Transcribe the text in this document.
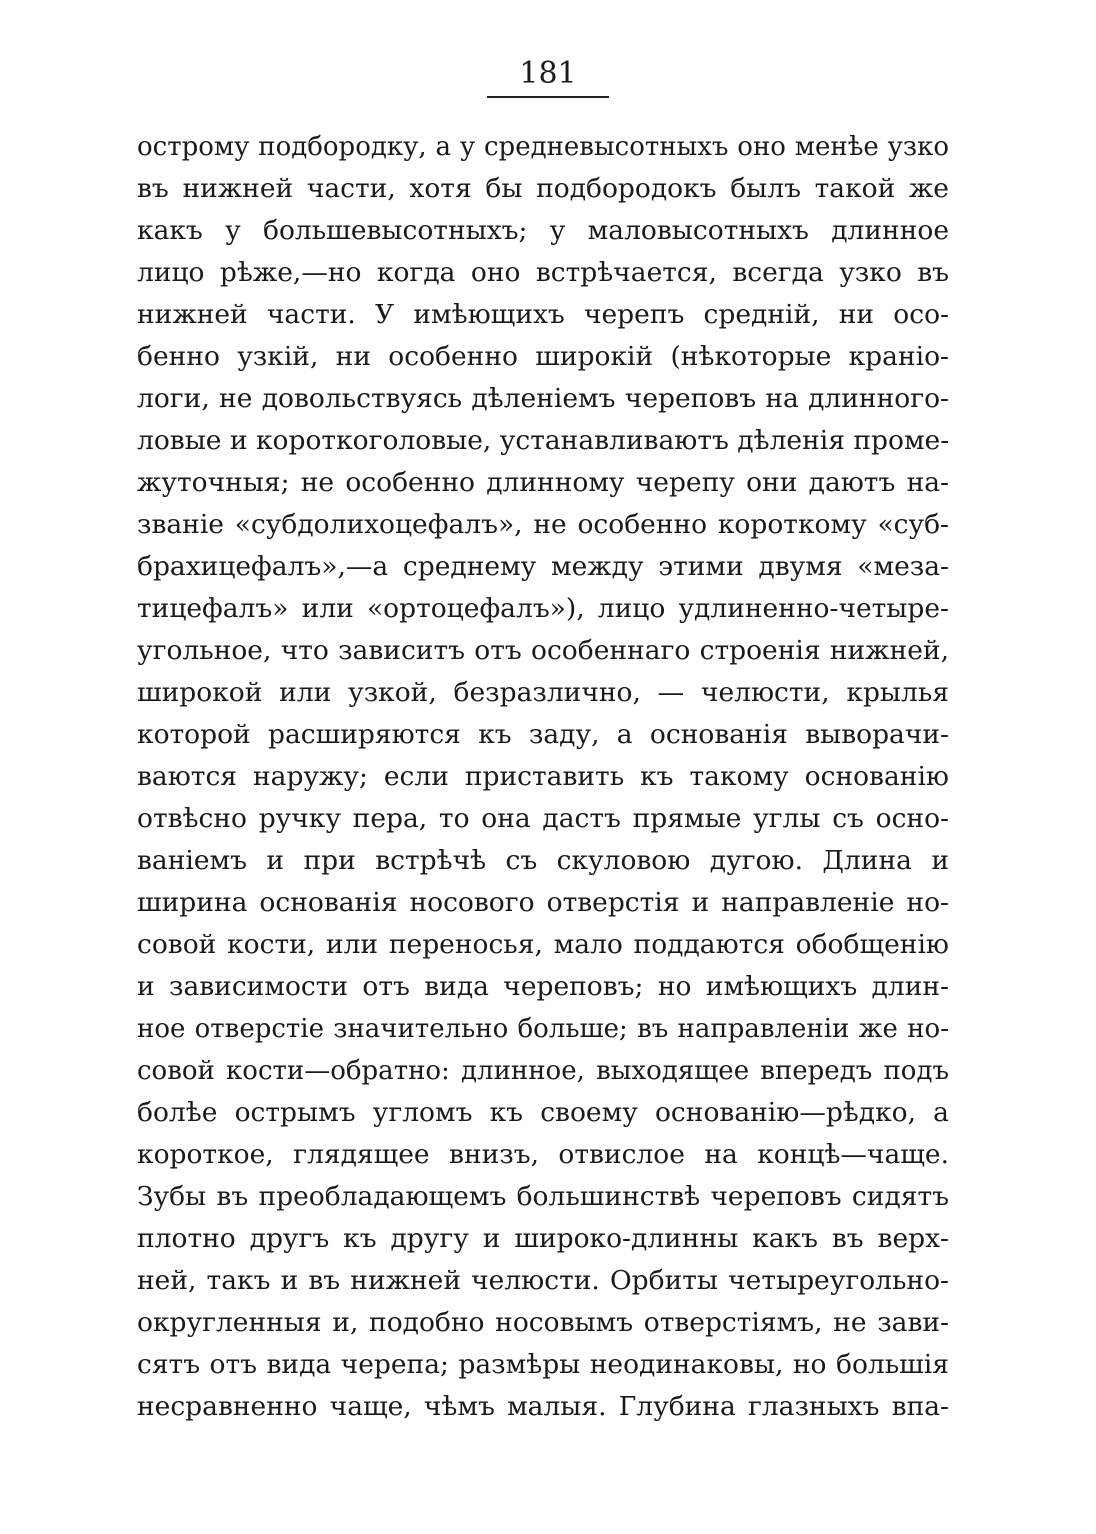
181
острому подбородку, а у средневысотныхъ оно менѣе узко
въ нижней части, хотя бы подбородокъ былъ такой же
какъ у большевысотныхъ; у маловысотныхъ длинное
лицо рѣже,—но когда оно встрѣчается, всегда узко въ
нижней части. У имѣющихъ черепъ средній, ни осо-
бенно узкій, ни особенно широкій (нѣкоторые краніо-
логи, не довольствуясь дѣленіемъ череповъ на длинного-
ловые и короткоголовые, устанавливаютъ дѣленія проме-
жуточныя; не особенно длинному черепу они даютъ на-
званіе «субдолихоцефалъ», не особенно короткому «суб-
брахицефалъ»,—а среднему между этими двумя «меза-
тицефалъ» или «ортоцефалъ»), лицо удлиненно-четыре-
угольное, что зависитъ отъ особеннаго строенія нижней,
широкой или узкой, безразлично, — челюсти, крылья
которой расширяются къ заду, а основанія выворачи-
ваются наружу; если приставить къ такому основанію
отвѣсно ручку пера, то она дастъ прямые углы съ осно-
ваніемъ и при встрѣчѣ съ скуловою дугою. Длина и
ширина основанія носового отверстія и направленіе но-
совой кости, или переносья, мало поддаются обобщенію
и зависимости отъ вида череповъ; но имѣющихъ длин-
ное отверстіе значительно больше; въ направленіи же но-
совой кости—обратно: длинное, выходящее впередъ подъ
болѣе острымъ угломъ къ своему основанію—рѣдко, а
короткое, глядящее внизъ, отвислое на концѣ—чаще.
Зубы въ преобладающемъ большинствѣ череповъ сидятъ
плотно другъ къ другу и широко-длинны какъ въ верх-
ней, такъ и въ нижней челюсти. Орбиты четыреугольно-
округленныя и, подобно носовымъ отверстіямъ, не зави-
сятъ отъ вида черепа; размѣры неодинаковы, но большія
несравненно чаще, чѣмъ малыя. Глубина глазныхъ впа-
